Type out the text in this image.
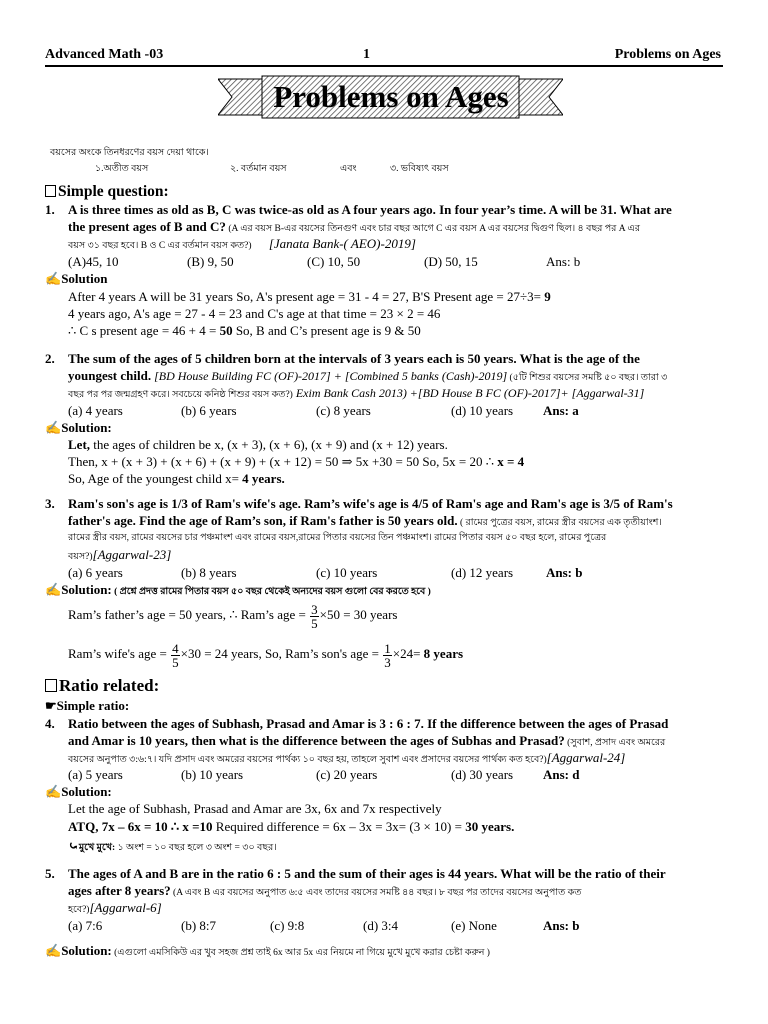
Advanced Math -03	1	Problems on Ages
Problems on Ages
বয়সের অংকে তিনধরণের বয়স দেয়া থাকে।
১.অতীত বয়স	২. বর্তমান বয়স	এবং	৩. ভবিষ্যৎ বয়স
Simple question:
1. A is three times as old as B, C was twice-as old as A four years ago. In four year’s time. A will be 31. What are
the present ages of B and C? (A এর বয়স B-এর বয়সের তিনগুণ এবং চার বছর আগে C এর বয়স A এর বয়সের দ্বিগুণ ছিল। ৪ বছর পর A এর
বয়স ৩১ বছর হবে। B ও C এর বর্তমান বয়স কত?) [Janata Bank-( AEO)-2019]
(A)45, 10	(B) 9, 50	(C) 10, 50	(D) 50, 15	Ans: b
✍Solution
After 4 years A will be 31 years So, A's present age = 31 - 4 = 27, B'S Present age = 27÷3= 9
4 years ago, A's age = 27 - 4 = 23 and C's age at that time = 23 × 2 = 46
∴ C s present age = 46 + 4 = 50 So, B and C’s present age is 9 & 50
2. The sum of the ages of 5 children born at the intervals of 3 years each is 50 years. What is the age of the
youngest child. [BD House Building FC (OF)-2017] + [Combined 5 banks (Cash)-2019] (৫টি শিশুর বয়সের সমষ্টি ৫০ বছর। তারা ৩
বছর পর পর জন্মগ্রহণ করে। সবচেয়ে কনিষ্ঠ শিশুর বয়স কত?) Exim Bank Cash 2013) +[BD House B FC (OF)-2017]+ [Aggarwal-31]
(a) 4 years	(b) 6 years	(c) 8 years	(d) 10 years Ans: a
✍Solution:
Let, the ages of children be x, (x + 3), (x + 6), (x + 9) and (x + 12) years.
Then, x + (x + 3) + (x + 6) + (x + 9) + (x + 12) = 50 ⇒ 5x +30 = 50 So, 5x = 20 ∴ x = 4
So, Age of the youngest child x= 4 years.
3. Ram's son's age is 1/3 of Ram's wife's age. Ram’s wife's age is 4/5 of Ram's age and Ram's age is 3/5 of Ram's
father's age. Find the age of Ram’s son, if Ram's father is 50 years old. ( রামের পুত্রের বয়স, রামের স্ত্রীর বয়সের এক তৃতীয়াংশ।
রামের স্ত্রীর বয়স, রামের বয়সের চার পঞ্চমাংশ এবং রামের বয়স,রামের পিতার বয়সের তিন পঞ্চমাংশ। রামের পিতার বয়স ৫০ বছর হলে, রামের পুত্রের
বয়স?)[Aggarwal-23]
(a) 6 years	(b) 8 years	(c) 10 years	(d) 12 years	Ans: b
✍Solution: ( প্রশ্নে প্রদত্ত রামের পিতার বয়স ৫০ বছর থেকেই অন্যদের বয়স গুলো বের করতে হবে )
Ram’s father’s age = 50 years, ∴ Ram’s age = $\frac{3}{5} \times 50 = 30$ years
Ram’s wife's age = $\frac{4}{5} \times 30 = 24$ years, So, Ram’s son's age = $\frac{1}{3} \times 24= 8$ years
Ratio related:
☛Simple ratio:
4. Ratio between the ages of Subhash, Prasad and Amar is 3 : 6 : 7. If the difference between the ages of Prasad
and Amar is 10 years, then what is the difference between the ages of Subhas and Prasad? (সুবাশ, প্রসাদ এবং অমরের
বয়সের অনুপাত ৩:৬:৭। যদি প্রসাদ এবং অমরের বয়সের পার্থক্য ১০ বছর হয়, তাহলে সুবাশ এবং প্রসাদের বয়সের পার্থক্য কত হবে?)[Aggarwal-24]
(a) 5 years	(b) 10 years	(c) 20 years	(d) 30 years Ans: d
✍Solution:
Let the age of Subhash, Prasad and Amar are 3x, 6x and 7x respectively
ATQ, 7x – 6x = 10 ∴ x =10 Required difference = 6x – 3x = 3x= (3 × 10) = 30 years.
⤿মুখে মুখে: ১ অংশ = ১০ বছর হলে ৩ অংশ = ৩০ বছর।
5. The ages of A and B are in the ratio 6 : 5 and the sum of their ages is 44 years. What will be the ratio of their
ages after 8 years? (A এবং B এর বয়সের অনুপাত ৬:৫ এবং তাদের বয়সের সমষ্টি ৪৪ বছর। ৮ বছর পর তাদের বয়সের অনুপাত কত
হবে?)[Aggarwal-6]
(a) 7:6	(b) 8:7	(c) 9:8	(d) 3:4	(e) None	Ans: b
✍Solution: (এগুলো এমসিকিউ এর খুব সহজ প্রশ্ন তাই 6x আর 5x এর নিয়মে না গিয়ে মুখে মুখে করার চেষ্টা করুন )
